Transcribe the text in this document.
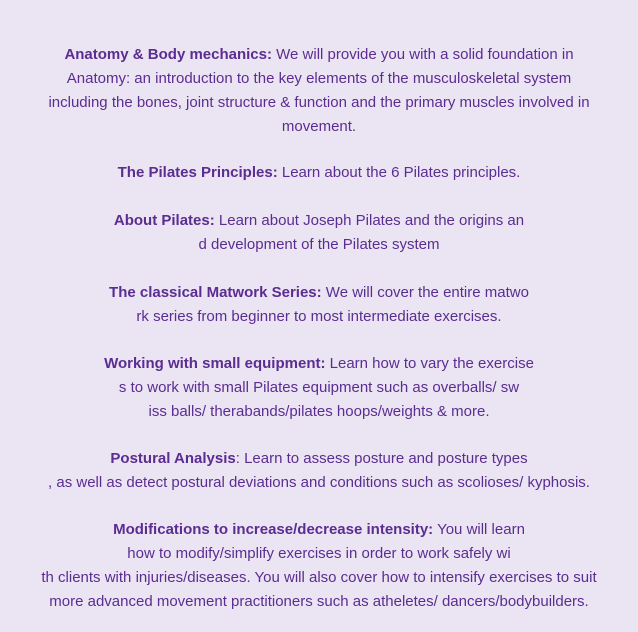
Anatomy & Body mechanics: We will provide you with a solid foundation in
Anatomy: an introduction to the key elements of the musculoskeletal system
including the bones, joint structure & function and the primary muscles involved in
movement.
The Pilates Principles: Learn about the 6 Pilates principles.
About Pilates: Learn about Joseph Pilates and the origins an
d development of the Pilates system
The classical Matwork Series: We will cover the entire matwo
rk series from beginner to most intermediate exercises.
Working with small equipment: Learn how to vary the exercise
s to work with small Pilates equipment such as overballs/ sw
iss balls/ therabands/pilates hoops/weights & more.
Postural Analysis: Learn to assess posture and posture types
, as well as detect postural deviations and conditions such as scolioses/ kyphosis.
Modifications to increase/decrease intensity: You will learn
how to modify/simplify exercises in order to work safely wi
th clients with injuries/diseases. You will also cover how to intensify exercises to suit
more advanced movement practitioners such as atheletes/ dancers/bodybuilders.
